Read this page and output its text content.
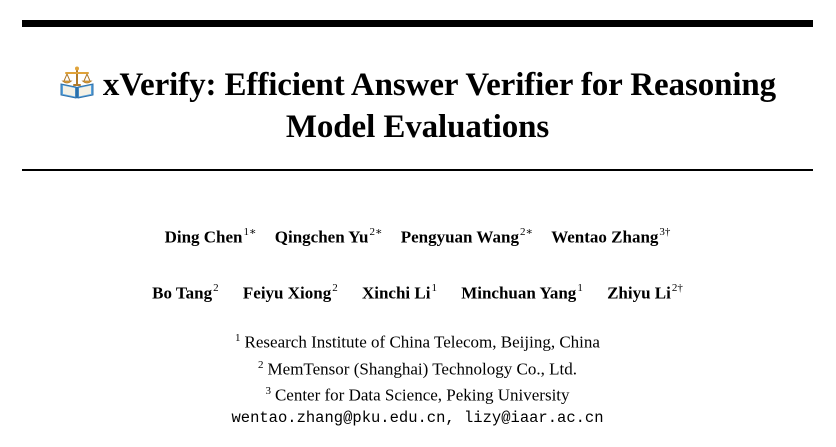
xVerify: Efficient Answer Verifier for Reasoning
Model Evaluations
Ding Chen$^{1∗}$ Qingchen $Yu^{2∗}$ Pengyuan Wang$^{2∗}$ Wentao Zhang$^{3\dagger}$
Bo Tang$^2$ Feiyu Xiong$^2$ Xinchi Li$^1$ Minchuan Yang$^1$ Zhiyu $Li^{2\dagger}$
$^1$ Research Institute of China Telecom, Beijing, China
$^2$ MemTensor (Shanghai) Technology Co., Ltd.
$^3$ Center for Data Science, Peking University
wentao.zhang@pku.edu.cn, lizy@iaar.ac.cn
